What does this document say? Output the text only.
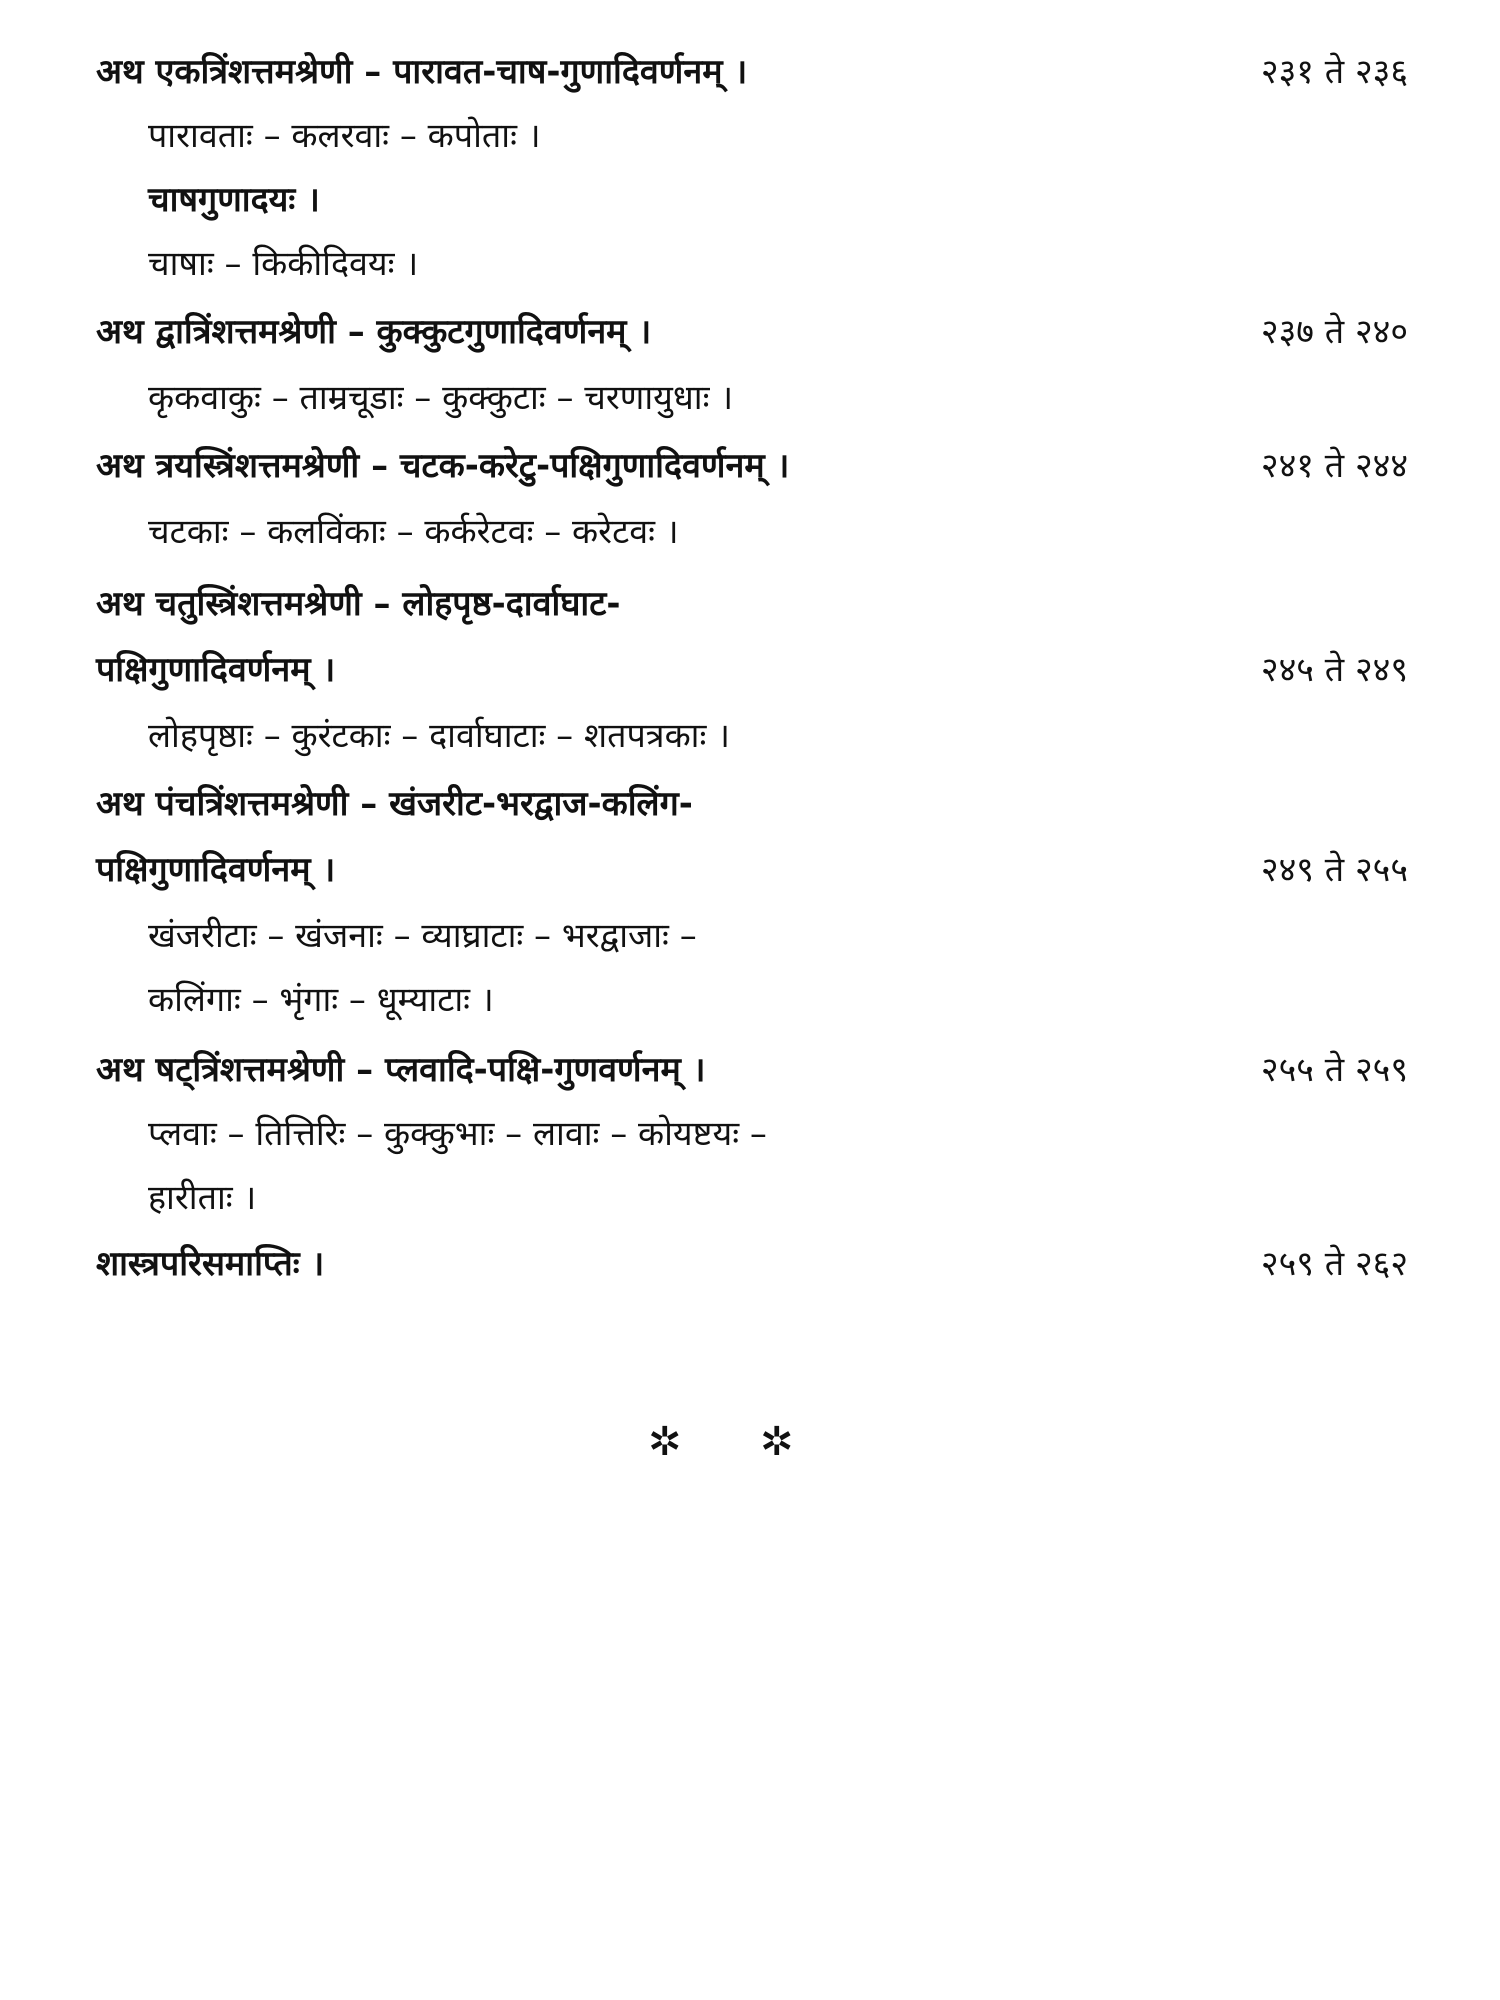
अथ एकत्रिंशत्तमश्रेणी – पारावत-चाष-गुणादिवर्णनम् ।	२३१ ते २३६
पारावताः – कलरवाः – कपोताः ।
चाषगुणादयः ।
चाषाः – किकीदिवयः ।
अथ द्वात्रिंशत्तमश्रेणी – कुक्कुटगुणादिवर्णनम् ।	२३७ ते २४०
कृकवाकुः – ताम्रचूडाः – कुक्कुटाः – चरणायुधाः ।
अथ त्रयस्त्रिंशत्तमश्रेणी – चटक-करेटु-पक्षिगुणादिवर्णनम् ।	२४१ ते २४४
चटकाः – कलविंकाः – कर्करेटवः – करेटवः ।
अथ चतुस्त्रिंशत्तमश्रेणी – लोहपृष्ठ-दार्वाघाट-
पक्षिगुणादिवर्णनम् ।	२४५ ते २४९
लोहपृष्ठाः – कुरंटकाः – दार्वाघाटाः – शतपत्रकाः ।
अथ पंचत्रिंशत्तमश्रेणी – खंजरीट-भरद्वाज-कलिंग-
पक्षिगुणादिवर्णनम् ।	२४९ ते २५५
खंजरीटाः – खंजनाः – व्याघ्राटाः – भरद्वाजाः –
कलिंगाः – भृंगाः – धूम्याटाः ।
अथ षट्त्रिंशत्तमश्रेणी – प्लवादि-पक्षि-गुणवर्णनम् ।	२५५ ते २५९
प्लवाः – तित्तिरिः – कुक्कुभाः – लावाः – कोयष्टयः –
हारीताः ।
शास्त्रपरिसमाप्तिः ।	२५९ ते २६२
✲ ✲
